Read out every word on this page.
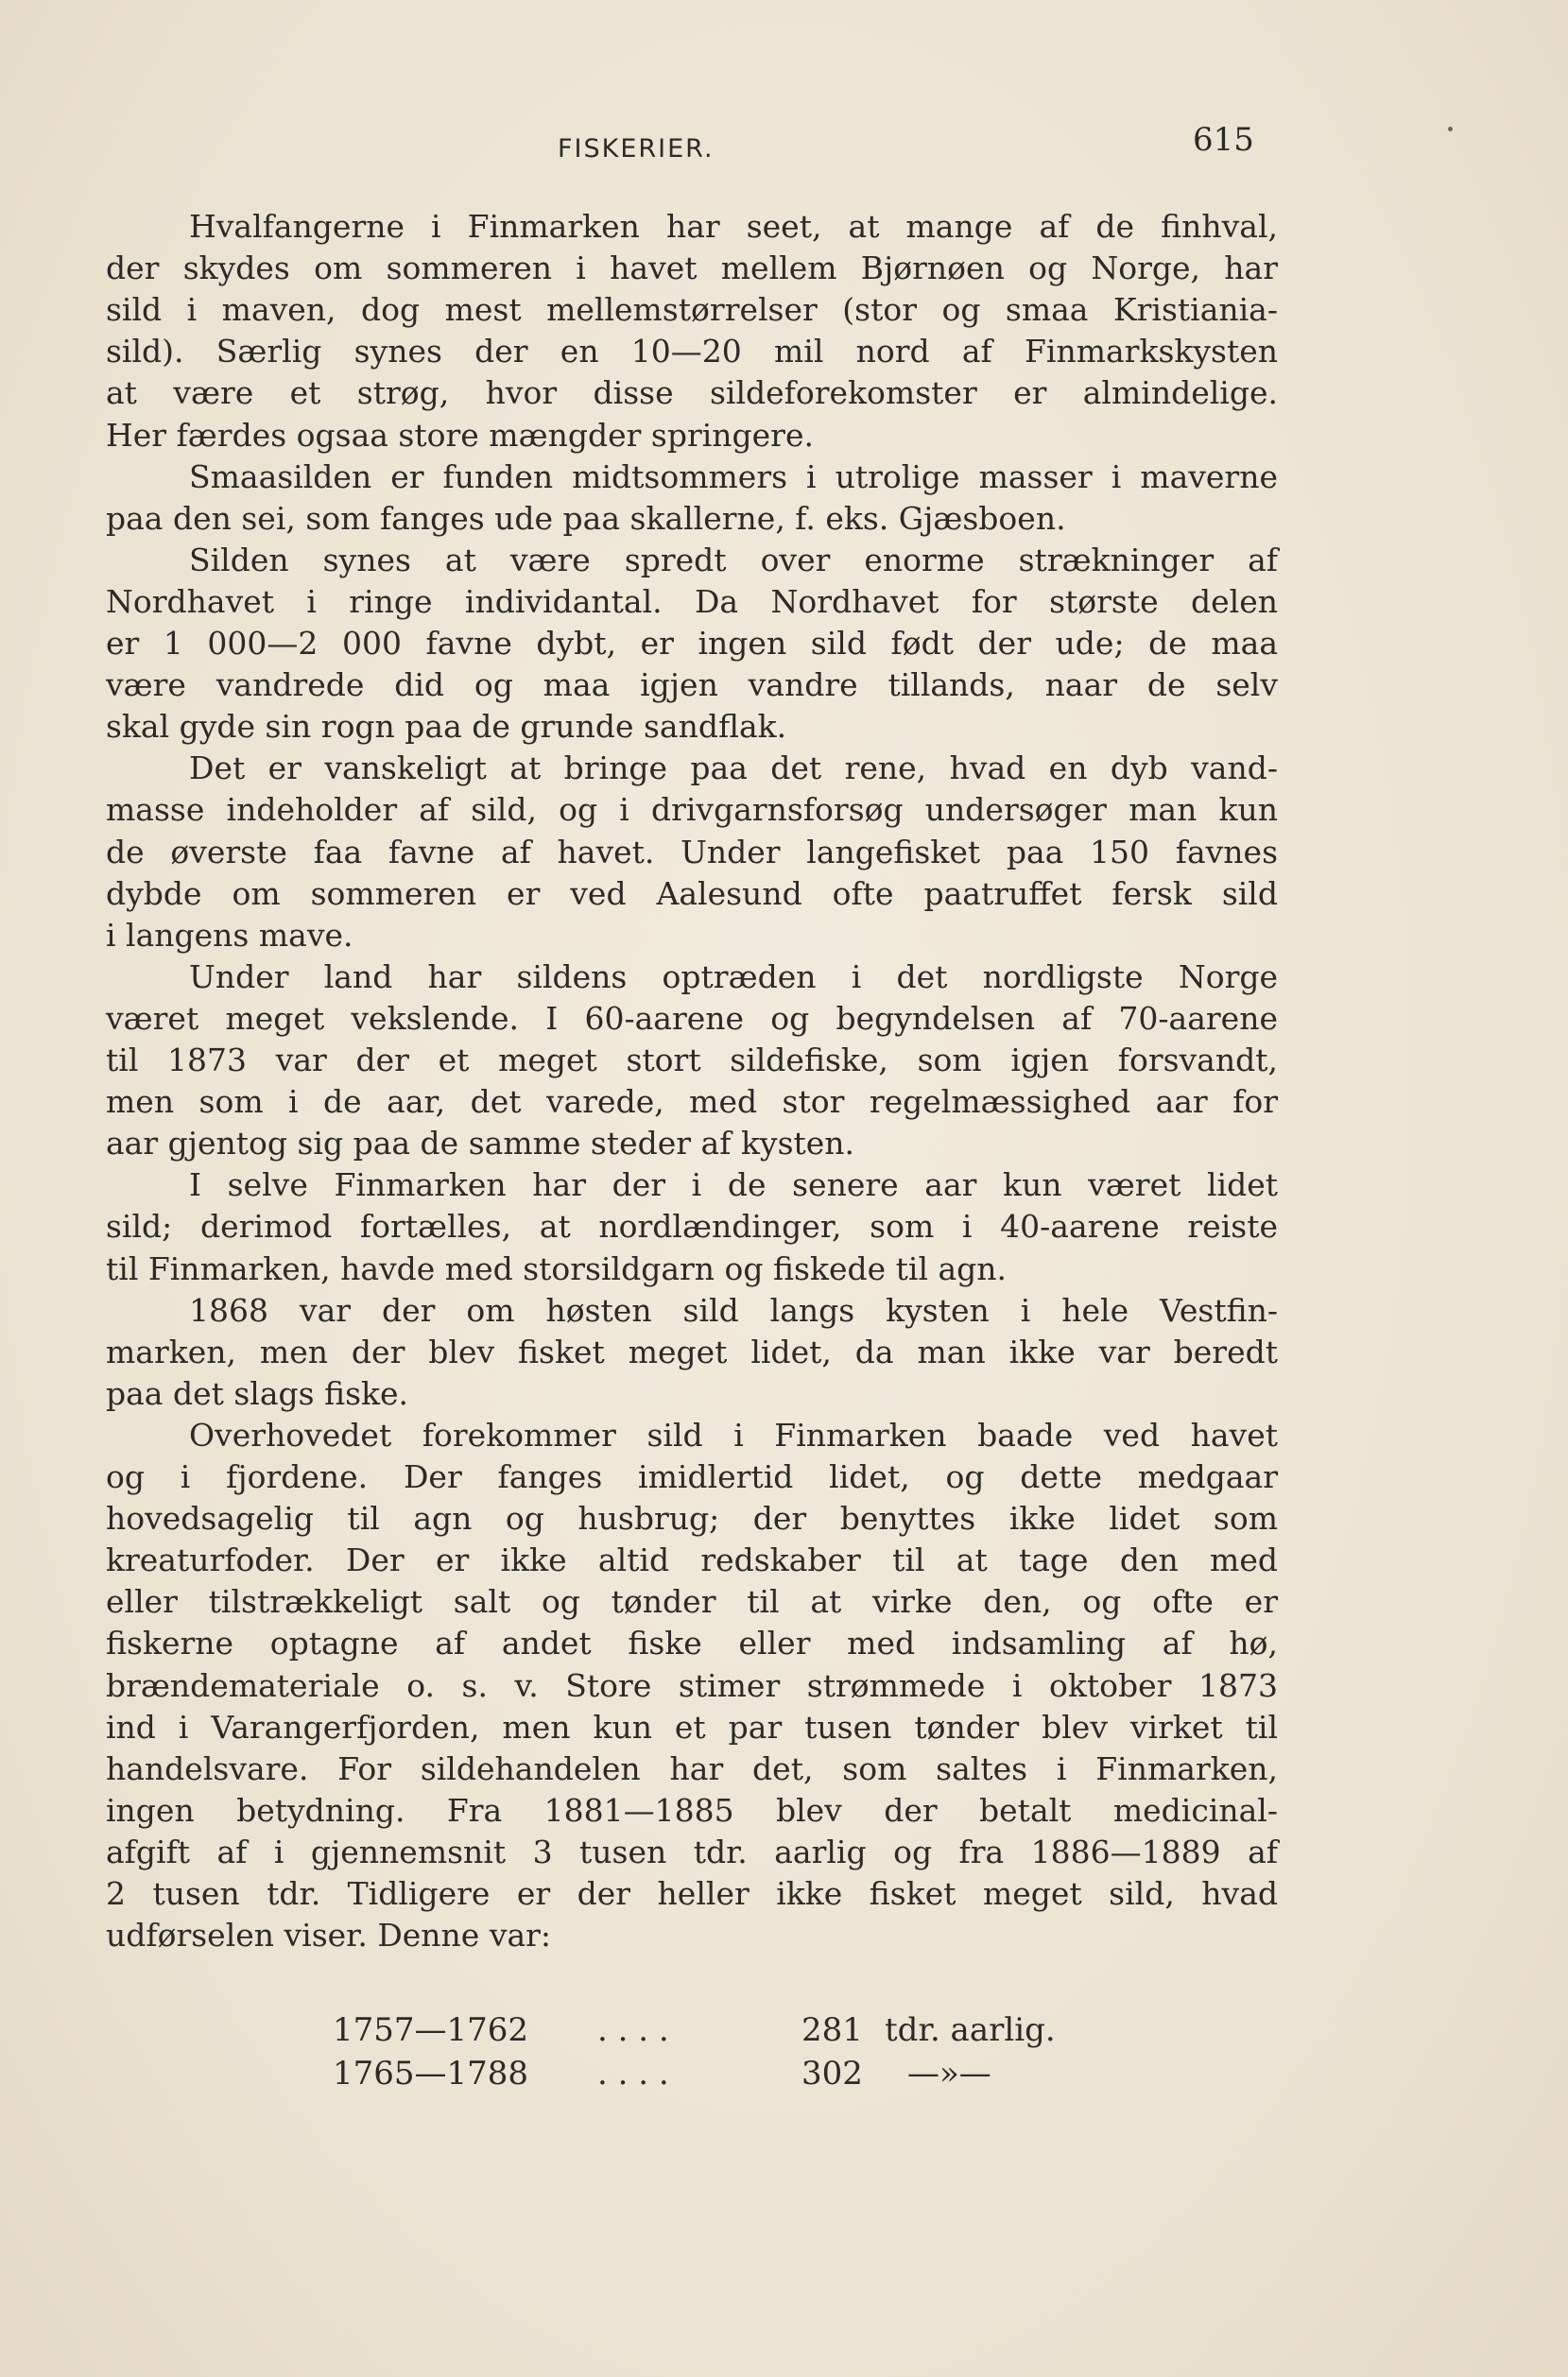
FISKERIER.	615
Hvalfangerne i Finmarken har seet, at mange af de finhval,
der skydes om sommeren i havet mellem Bjørnøen og Norge, har
sild i maven, dog mest mellemstørrelser (stor og smaa Kristiania-
sild). Særlig synes der en 10—20 mil nord af Finmarkskysten
at være et strøg, hvor disse sildeforekomster er almindelige.
Her færdes ogsaa store mængder springere.
Smaasilden er funden midtsommers i utrolige masser i maverne
paa den sei, som fanges ude paa skallerne, f. eks. Gjæsboen.
Silden synes at være spredt over enorme strækninger af
Nordhavet i ringe individantal. Da Nordhavet for største delen
er 1 000—2 000 favne dybt, er ingen sild født der ude; de maa
være vandrede did og maa igjen vandre tillands, naar de selv
skal gyde sin rogn paa de grunde sandflak.
Det er vanskeligt at bringe paa det rene, hvad en dyb vand-
masse indeholder af sild, og i drivgarnsforsøg undersøger man kun
de øverste faa favne af havet. Under langefisket paa 150 favnes
dybde om sommeren er ved Aalesund ofte paatruffet fersk sild
i langens mave.
Under land har sildens optræden i det nordligste Norge
været meget vekslende. I 60-aarene og begyndelsen af 70-aarene
til 1873 var der et meget stort sildefiske, som igjen forsvandt,
men som i de aar, det varede, med stor regelmæssighed aar for
aar gjentog sig paa de samme steder af kysten.
I selve Finmarken har der i de senere aar kun været lidet
sild; derimod fortælles, at nordlændinger, som i 40-aarene reiste
til Finmarken, havde med storsildgarn og fiskede til agn.
1868 var der om høsten sild langs kysten i hele Vestfin-
marken, men der blev fisket meget lidet, da man ikke var beredt
paa det slags fiske.
Overhovedet forekommer sild i Finmarken baade ved havet
og i fjordene. Der fanges imidlertid lidet, og dette medgaar
hovedsagelig til agn og husbrug; der benyttes ikke lidet som
kreaturfoder. Der er ikke altid redskaber til at tage den med
eller tilstrækkeligt salt og tønder til at virke den, og ofte er
fiskerne optagne af andet fiske eller med indsamling af hø,
brændemateriale o. s. v. Store stimer strømmede i oktober 1873
ind i Varangerfjorden, men kun et par tusen tønder blev virket til
handelsvare. For sildehandelen har det, som saltes i Finmarken,
ingen betydning. Fra 1881—1885 blev der betalt medicinal-
afgift af i gjennemsnit 3 tusen tdr. aarlig og fra 1886—1889 af
2 tusen tdr. Tidligere er der heller ikke fisket meget sild, hvad
udførselen viser. Denne var:
1757—1762 . . . .	281 tdr. aarlig.
1765—1788 . . . .	302 —»—
